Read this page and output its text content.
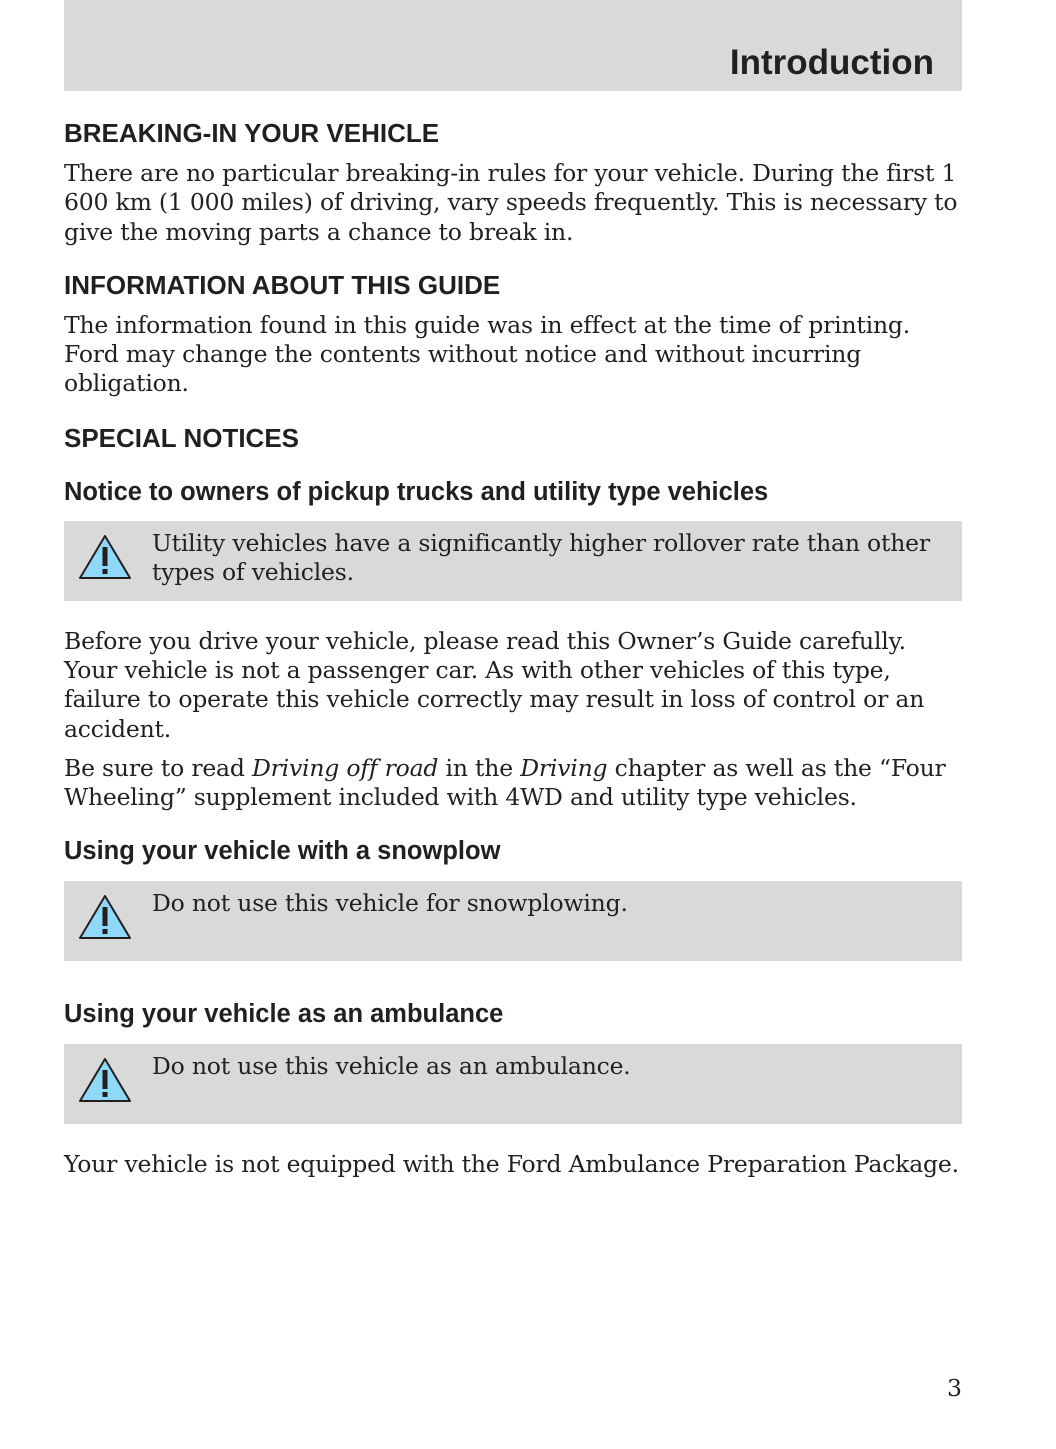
Introduction
BREAKING-IN YOUR VEHICLE

There are no particular breaking-in rules for your vehicle. During the first 1 600 km (1 000 miles) of driving, vary speeds frequently. This is necessary to give the moving parts a chance to break in.

INFORMATION ABOUT THIS GUIDE

The information found in this guide was in effect at the time of printing. Ford may change the contents without notice and without incurring obligation.

SPECIAL NOTICES
Notice to owners of pickup trucks and utility type vehicles
Utility vehicles have a significantly higher rollover rate than other types of vehicles.

Before you drive your vehicle, please read this Owner’s Guide carefully. Your vehicle is not a passenger car. As with other vehicles of this type, failure to operate this vehicle correctly may result in loss of control or an accident.

Be sure to read Driving off road in the Driving chapter as well as the “Four Wheeling” supplement included with 4WD and utility type vehicles.

Using your vehicle with a snowplow
Do not use this vehicle for snowplowing.
Using your vehicle as an ambulance
Do not use this vehicle as an ambulance.

Your vehicle is not equipped with the Ford Ambulance Preparation Package.

3
